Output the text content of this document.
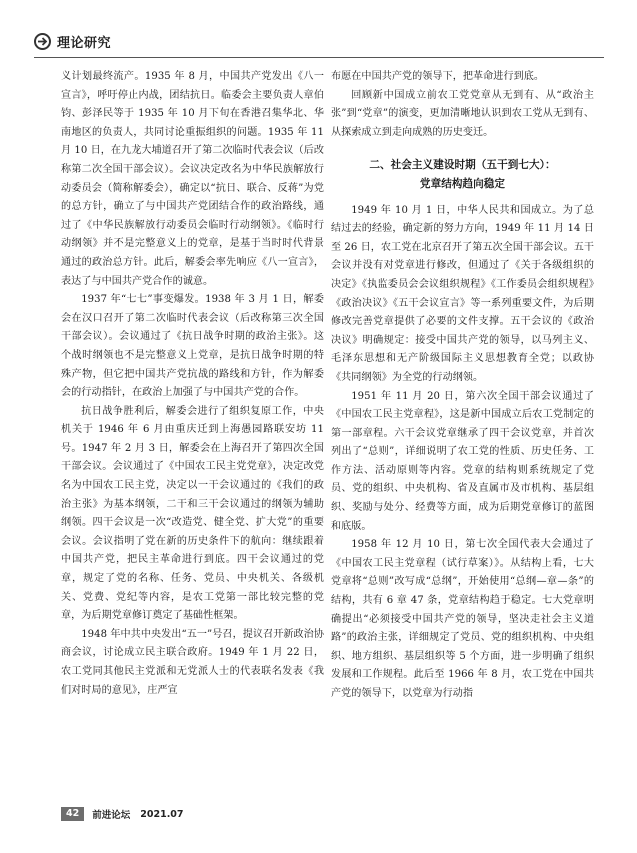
理论研究

义计划最终流产。1935 年 8 月，中国共产党发出《八一宣言》，呼吁停止内战，团结抗日。临委会主要负责人章伯钧、彭泽民等于 1935 年 10 月下旬在香港召集华北、华南地区的负责人，共同讨论重振组织的问题。1935 年 11 月 10 日，在九龙大埔道召开了第二次临时代表会议（后改称第二次全国干部会议）。会议决定改名为中华民族解放行动委员会（简称解委会），确定以“抗日、联合、反蒋”为党的总方针，确立了与中国共产党团结合作的政治路线，通过了《中华民族解放行动委员会临时行动纲领》。《临时行动纲领》并不是完整意义上的党章，是基于当时时代背景通过的政治总方针。此后，解委会率先响应《八一宣言》，表达了与中国共产党合作的诚意。

1937 年“七七”事变爆发。1938 年 3 月 1 日，解委会在汉口召开了第二次临时代表会议（后改称第三次全国干部会议）。会议通过了《抗日战争时期的政治主张》。这个战时纲领也不是完整意义上党章，是抗日战争时期的特殊产物，但它把中国共产党抗战的路线和方针，作为解委会的行动指针，在政治上加强了与中国共产党的合作。

抗日战争胜利后，解委会进行了组织复原工作，中央机关于 1946 年 6 月由重庆迁到上海愚园路联安坊 11 号。1947 年 2 月 3 日，解委会在上海召开了第四次全国干部会议。会议通过了《中国农工民主党党章》，决定改党名为中国农工民主党，决定以一干会议通过的《我们的政治主张》为基本纲领，二干和三干会议通过的纲领为辅助纲领。四干会议是一次“改造党、健全党、扩大党”的重要会议。会议指明了党在新的历史条件下的航向：继续跟着中国共产党，把民主革命进行到底。四干会议通过的党章，规定了党的名称、任务、党员、中央机关、各级机关、党费、党纪等内容，是农工党第一部比较完整的党章，为后期党章修订奠定了基础性框架。

1948 年中共中央发出“五一”号召，提议召开新政治协商会议，讨论成立民主联合政府。1949 年 1 月 22 日，农工党同其他民主党派和无党派人士的代表联名发表《我们对时局的意见》，庄严宣

布愿在中国共产党的领导下，把革命进行到底。

回顾新中国成立前农工党党章从无到有、从“政治主张”到“党章”的演变，更加清晰地认识到农工党从无到有、从探索成立到走向成熟的历史变迁。

二、社会主义建设时期（五干到七大）：
党章结构趋向稳定

1949 年 10 月 1 日，中华人民共和国成立。为了总结过去的经验，确定新的努力方向，1949 年 11 月 14 日至 26 日，农工党在北京召开了第五次全国干部会议。五干会议并没有对党章进行修改，但通过了《关于各级组织的决定》《执监委员会会议组织规程》《工作委员会组织规程》《政治决议》《五干会议宣言》等一系列重要文件，为后期修改完善党章提供了必要的文件支撑。五干会议的《政治决议》明确规定：接受中国共产党的领导，以马列主义、毛泽东思想和无产阶级国际主义思想教育全党；以政协《共同纲领》为全党的行动纲领。

1951 年 11 月 20 日，第六次全国干部会议通过了《中国农工民主党章程》，这是新中国成立后农工党制定的第一部章程。六干会议党章继承了四干会议党章，并首次列出了“总则”，详细说明了农工党的性质、历史任务、工作方法、活动原则等内容。党章的结构则系统规定了党员、党的组织、中央机构、省及直属市及市机构、基层组织、奖励与处分、经费等方面，成为后期党章修订的蓝图和底版。

1958 年 12 月 10 日，第七次全国代表大会通过了《中国农工民主党章程（试行草案）》。从结构上看，七大党章将“总则”改写成“总纲”，开始使用“总纲—章—条”的结构，共有 6 章 47 条，党章结构趋于稳定。七大党章明确提出“必须接受中国共产党的领导，坚决走社会主义道路”的政治主张，详细规定了党员、党的组织机构、中央组织、地方组织、基层组织等 5 个方面，进一步明确了组织发展和工作规程。此后至 1966 年 8 月，农工党在中国共产党的领导下，以党章为行动指

42	前进论坛 2021.07
